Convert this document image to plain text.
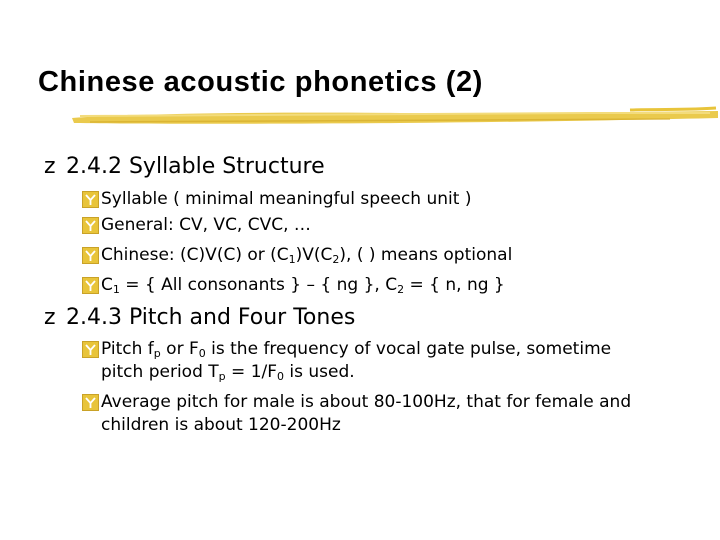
Chinese acoustic phonetics (2)
z 2.4.2 Syllable Structure
Syllable ( minimal meaningful speech unit )
General: CV, VC, CVC, …
Chinese: (C)V(C) or $(C_1)V(C_2)$, ( ) means optional
$C_1$ = { All consonants } – { ng }, $C_2$ = { n, ng }
z 2.4.3 Pitch and Four Tones
Pitch $f_p$ or $F_0$ is the frequency of vocal gate pulse, sometime
pitch period $T_p = 1/F_0$ is used.
Average pitch for male is about 80-100Hz, that for female and
children is about 120-200Hz
